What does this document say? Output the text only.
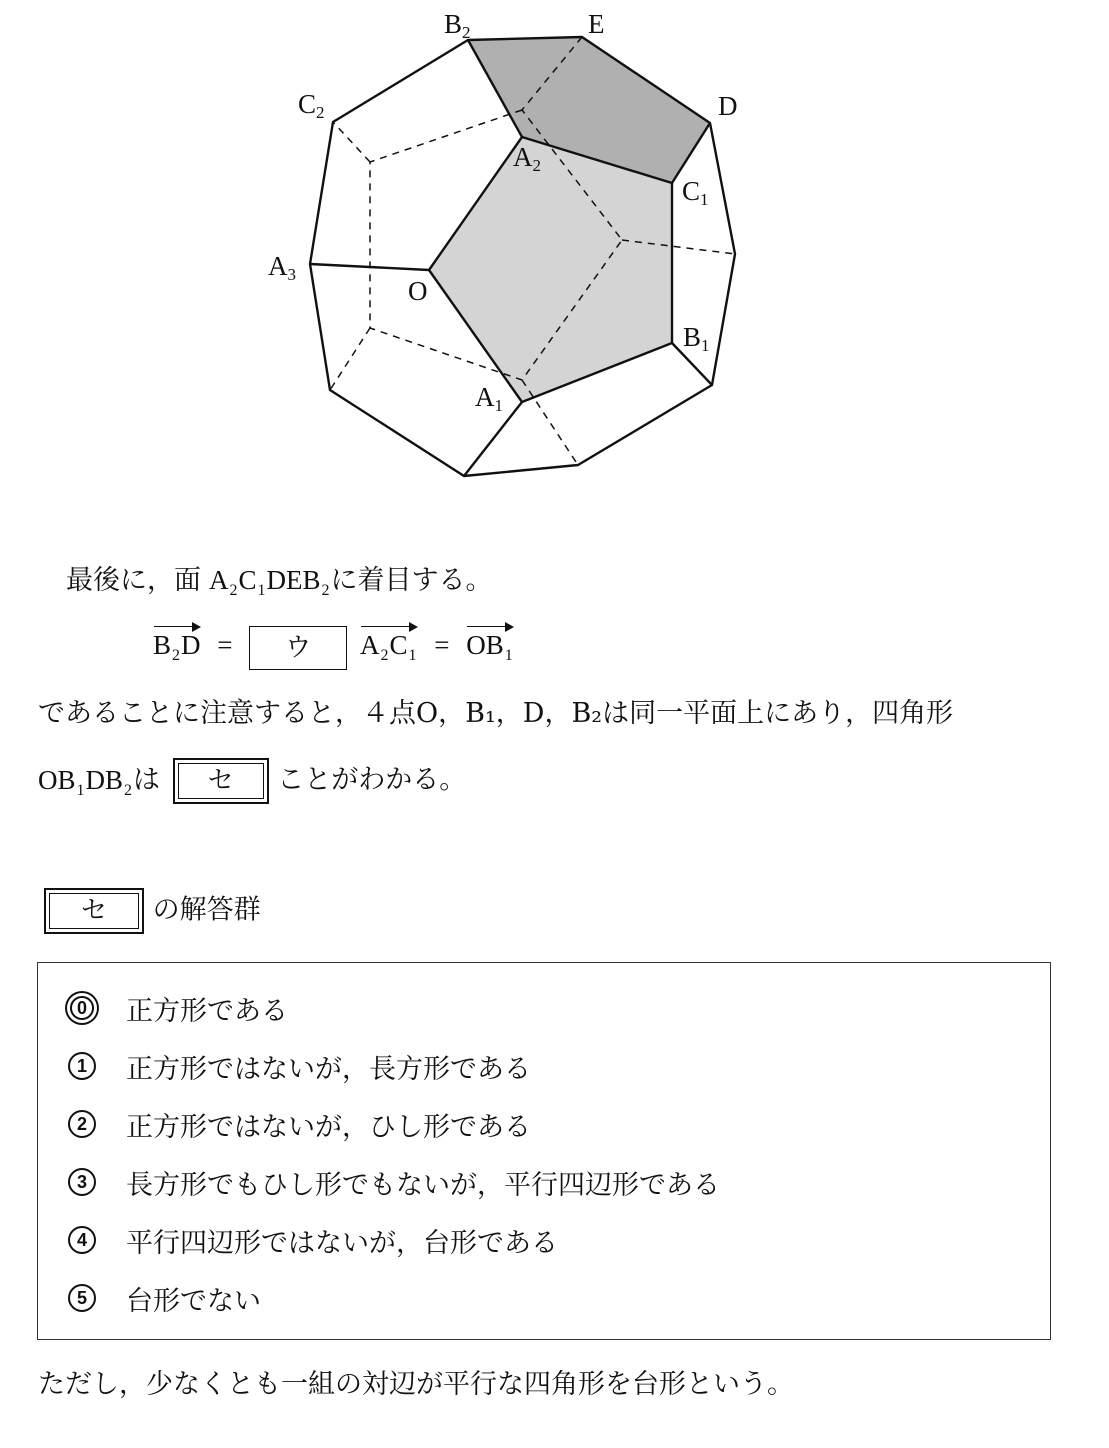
B2	E
D
C2
A2
C1
A3
O
B1
A1
最後に，面 $A_2C_1DEB_2$に着目する。
$B_2D$ = ウ $A_2C_1 = OB_1$
であることに注意すると，４点O，B₁，D，B₂は同一平面上にあり，四角形
$OB_1DB_2$は	セ	ことがわかる。
セ	の解答群
0 正方形である
1	正方形ではないが，長方形である
2	正方形ではないが，ひし形である
3	長方形でもひし形でもないが，平行四辺形である
4	平行四辺形ではないが，台形である
5	台形でない
ただし，少なくとも一組の対辺が平行な四角形を台形という。
